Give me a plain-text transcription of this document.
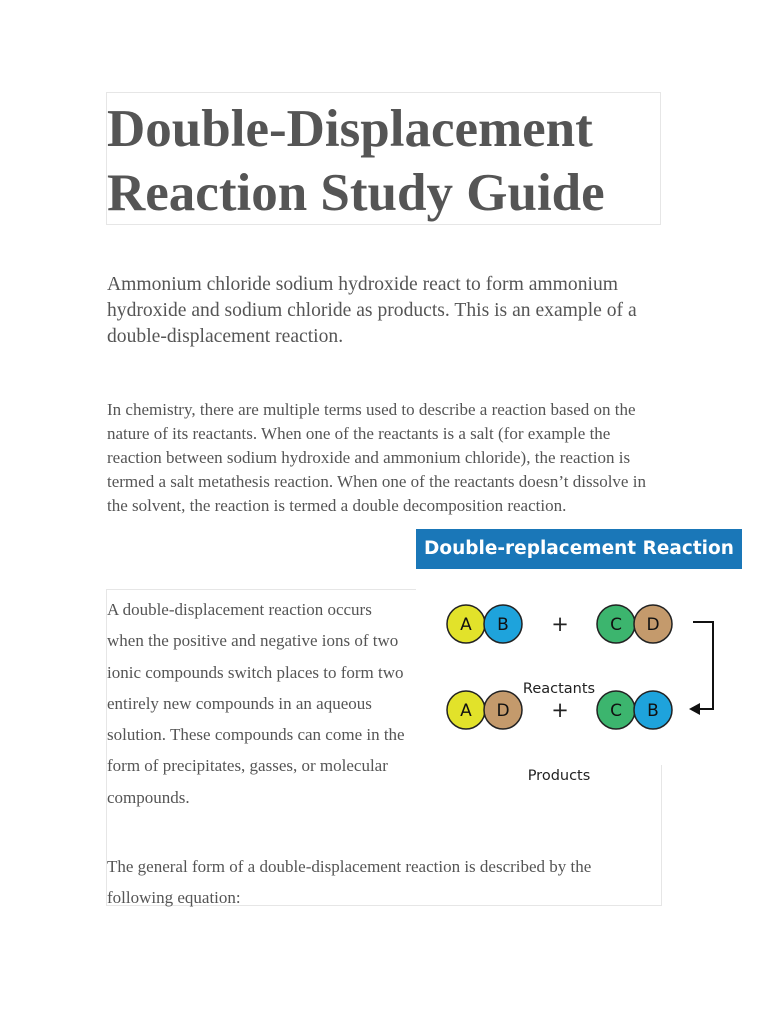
Double-Displacement Reaction Study Guide

Ammonium chloride sodium hydroxide react to form ammonium hydroxide and sodium chloride as products. This is an example of a double-displacement reaction.

In chemistry, there are multiple terms used to describe a reaction based on the nature of its reactants. When one of the reactants is a salt (for example the reaction between sodium hydroxide and ammonium chloride), the reaction is termed a salt metathesis reaction. When one of the reactants doesn’t dissolve in the solvent, the reaction is termed a double decomposition reaction.

A double-displacement reaction occurs when the positive and negative ions of two ionic compounds switch places to form two entirely new compounds in an aqueous solution. These compounds can come in the form of precipitates, gasses, or molecular compounds.

The general form of a double-displacement reaction is described by the following equation:

Double-replacement Reaction
A B + C D
Reactants
A D + C B
Products
